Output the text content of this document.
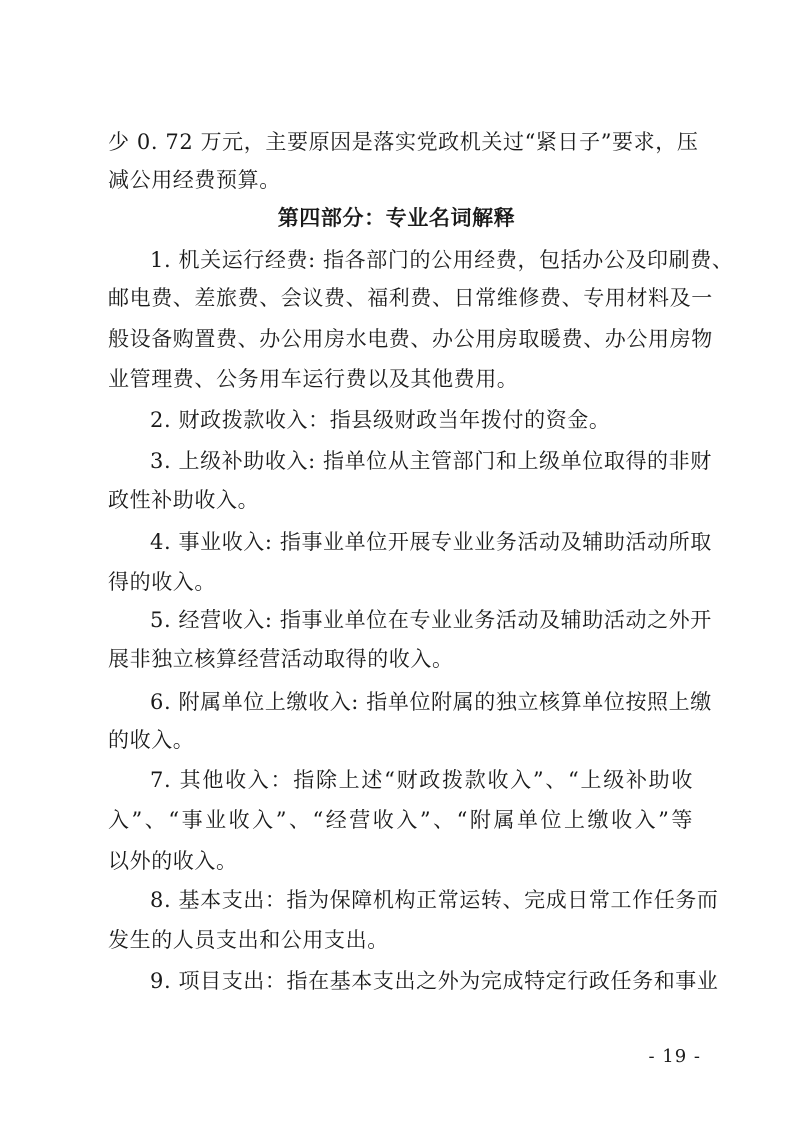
少 0. 72 万元，主要原因是落实党政机关过“紧日子”要求，压
减公用经费预算。
第四部分：专业名词解释
1. 机关运行经费: 指各部门的公用经费，包括办公及印刷费、
邮电费、差旅费、会议费、福利费、日常维修费、专用材料及一
般设备购置费、办公用房水电费、办公用房取暖费、办公用房物
业管理费、公务用车运行费以及其他费用。
2. 财政拨款收入：指县级财政当年拨付的资金。
3. 上级补助收入: 指单位从主管部门和上级单位取得的非财
政性补助收入。
4. 事业收入: 指事业单位开展专业业务活动及辅助活动所取
得的收入。
5. 经营收入: 指事业单位在专业业务活动及辅助活动之外开
展非独立核算经营活动取得的收入。
6. 附属单位上缴收入: 指单位附属的独立核算单位按照上缴
的收入。
7. 其他收入：指除上述“财政拨款收入”、“上级补助收
入”、“事业收入”、“经营收入”、“附属单位上缴收入”等
以外的收入。
8. 基本支出：指为保障机构正常运转、完成日常工作任务而
发生的人员支出和公用支出。
9. 项目支出：指在基本支出之外为完成特定行政任务和事业
- 19 -
